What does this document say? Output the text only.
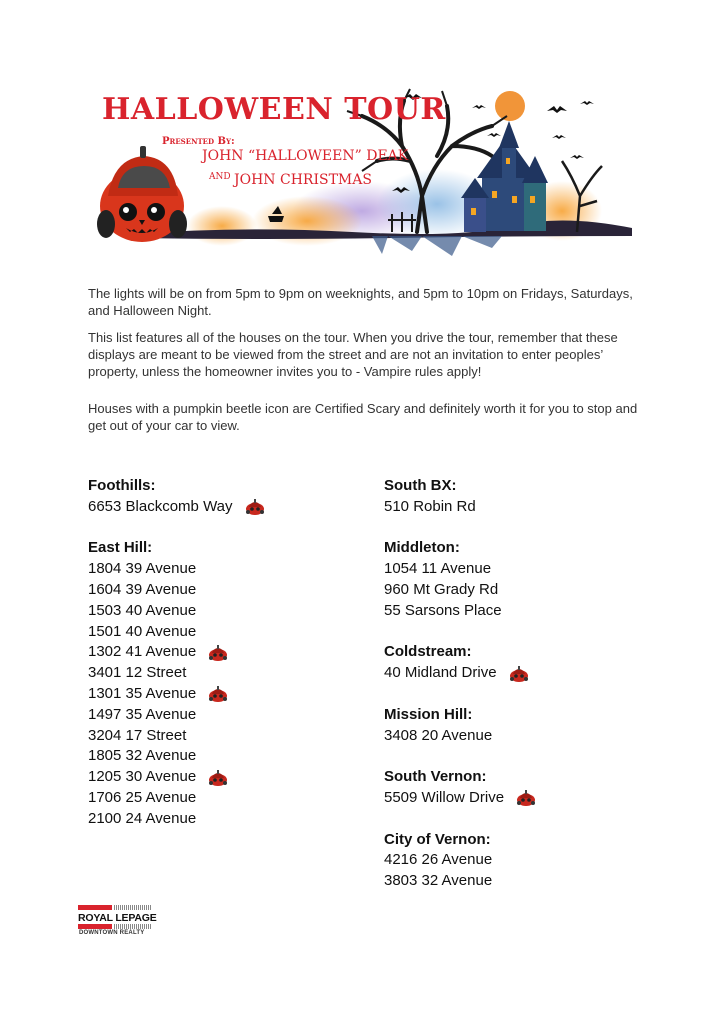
HALLOWEEN TOUR
Presented By:
JOHN “HALLOWEEN” DEAK
AND JOHN CHRISTMAS

The lights will be on from 5pm to 9pm on weeknights, and 5pm to 10pm on Fridays, Saturdays, and Halloween Night.

This list features all of the houses on the tour. When you drive the tour, remember that these displays are meant to be viewed from the street and are not an invitation to enter peoples’ property, unless the homeowner invites you to - Vampire rules apply!

Houses with a pumpkin beetle icon are Certified Scary and definitely worth it for you to stop and get out of your car to view.

Foothills:
6653 Blackcomb Way
East Hill:
1804 39 Avenue
1604 39 Avenue
1503 40 Avenue
1501 40 Avenue
1302 41 Avenue
3401 12 Street
1301 35 Avenue
1497 35 Avenue
3204 17 Street
1805 32 Avenue
1205 30 Avenue
1706 25 Avenue
2100 24 Avenue
South BX:
510 Robin Rd
Middleton:
1054 11 Avenue
960 Mt Grady Rd
55 Sarsons Place
Coldstream:
40 Midland Drive
Mission Hill:
3408 20 Avenue
South Vernon:
5509 Willow Drive
City of Vernon:
4216 26 Avenue
3803 32 Avenue
ROYAL LEPAGE
DOWNTOWN REALTY
